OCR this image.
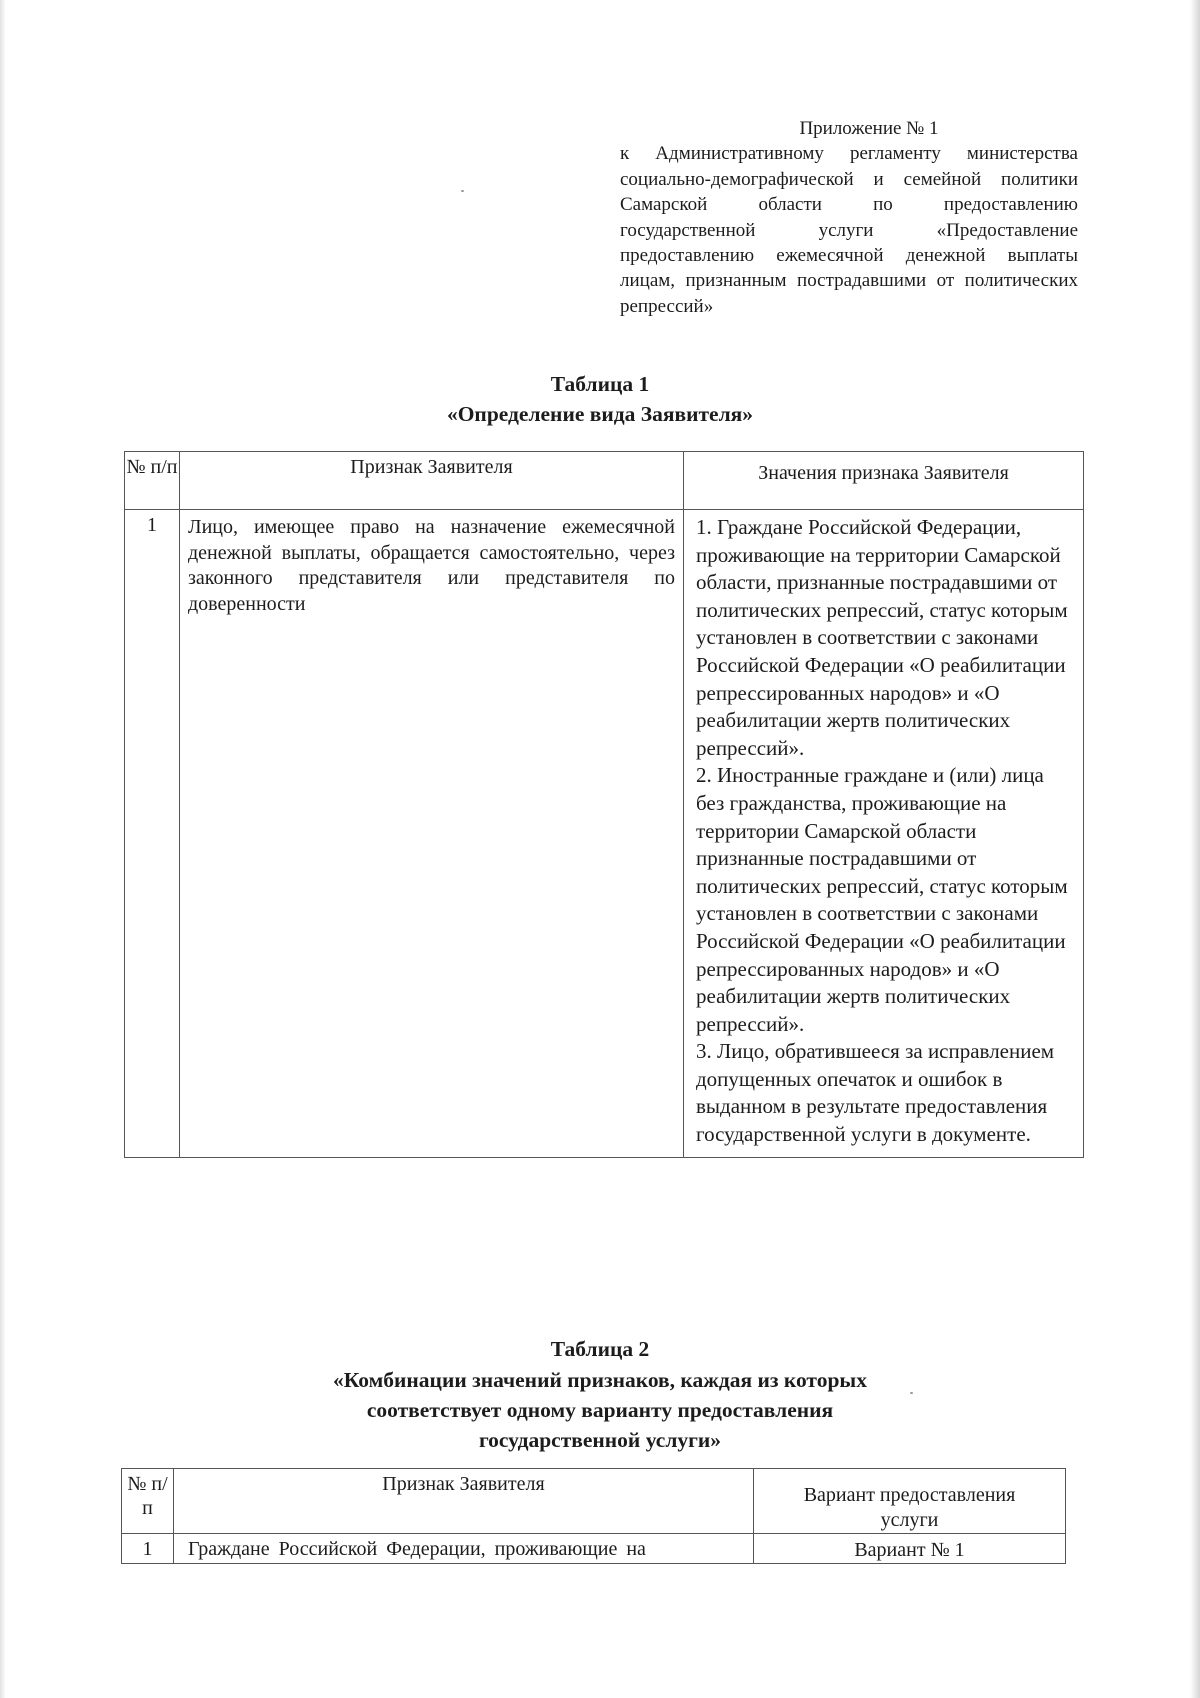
Приложение № 1
к Административному регламенту министерства социально-демографической и семейной политики Самарской области по предоставлению государственной услуги «Предоставление предоставлению ежемесячной денежной выплаты лицам, признанным пострадавшими от политических репрессий»
Таблица 1
«Определение вида Заявителя»
№ п/п	Признак Заявителя	Значения признака Заявителя
1	Лицо, имеющее право на назначение ежемесячной денежной выплаты, обращается самостоятельно, через законного представителя или представителя по доверенности	1. Граждане Российской Федерации, проживающие на территории Самарской области, признанные пострадавшими от политических репрессий, статус которым установлен в соответствии с законами Российской Федерации «О реабилитации репрессированных народов» и «О реабилитации жертв политических репрессий».
2. Иностранные граждане и (или) лица без гражданства, проживающие на территории Самарской области признанные пострадавшими от политических репрессий, статус которым установлен в соответствии с законами Российской Федерации «О реабилитации репрессированных народов» и «О реабилитации жертв политических репрессий».
3. Лицо, обратившееся за исправлением допущенных опечаток и ошибок в выданном в результате предоставления государственной услуги в документе.
Таблица 2
«Комбинации значений признаков, каждая из которых
соответствует одному варианту предоставления
государственной услуги»
№ п/п	Признак Заявителя	Вариант предоставления услуги
1	Граждане Российской Федерации, проживающие на	Вариант № 1
